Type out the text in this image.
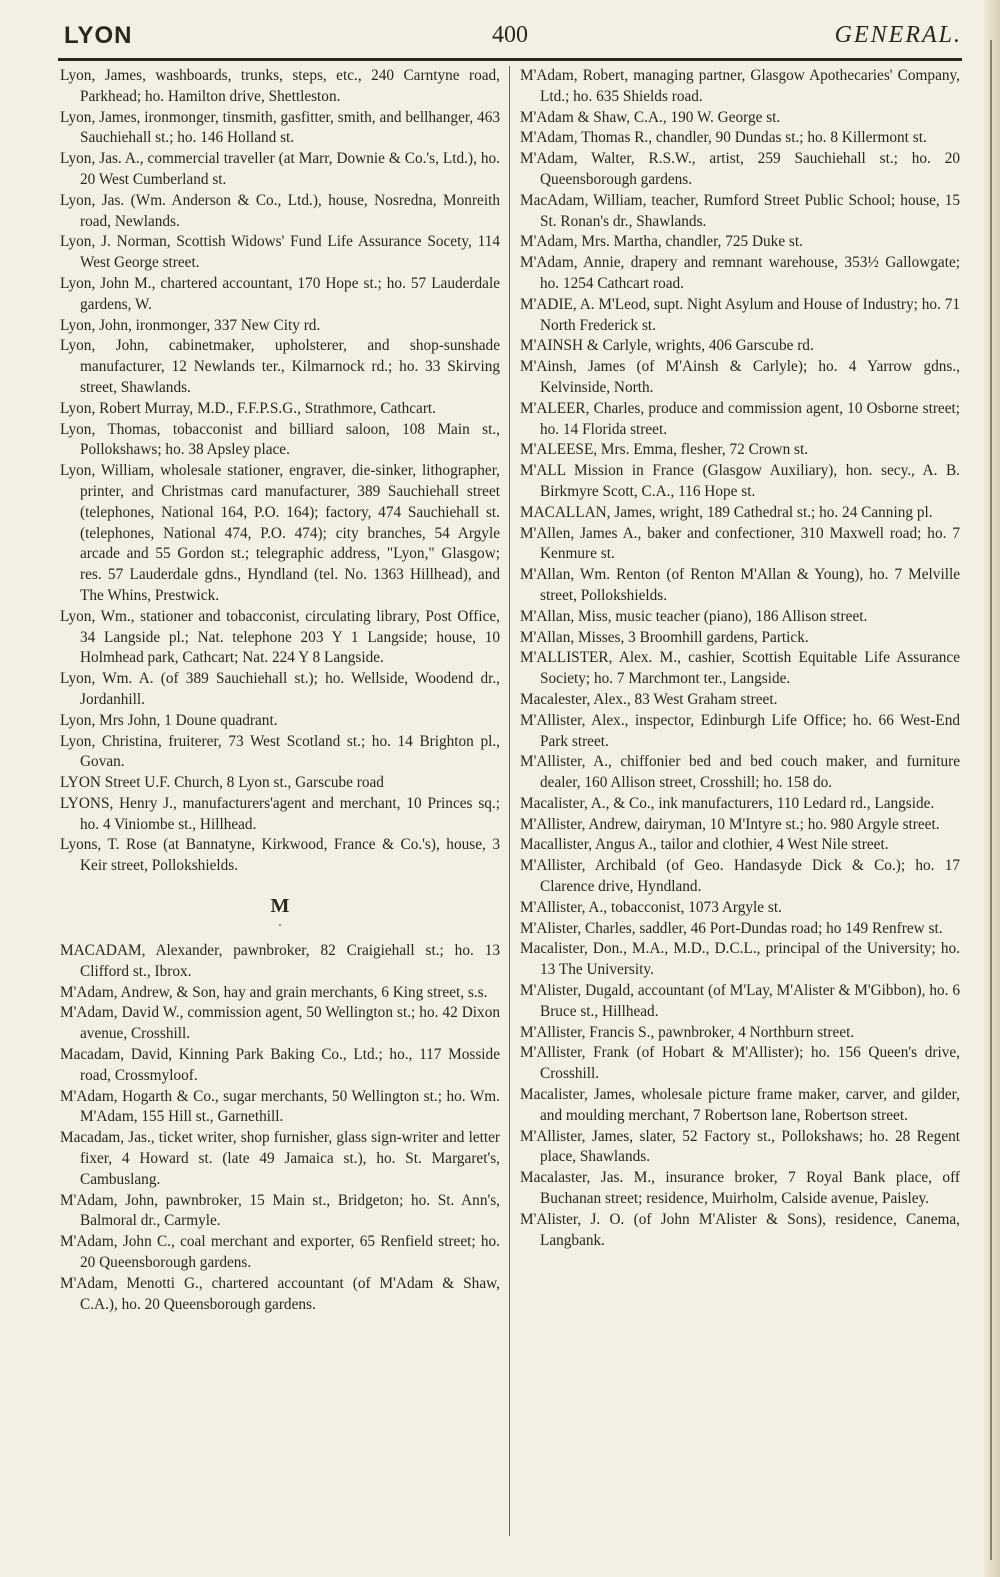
LYON	400	GENERAL.

Lyon, James, washboards, trunks, steps, etc., 240 Carntyne road, Parkhead; ho. Hamilton drive, Shettleston.

Lyon, James, ironmonger, tinsmith, gasfitter, smith, and bellhanger, 463 Sauchiehall st.; ho. 146 Holland st.

Lyon, Jas. A., commercial traveller (at Marr, Downie & Co.'s, Ltd.), ho. 20 West Cumberland st.

Lyon, Jas. (Wm. Anderson & Co., Ltd.), house, Nosredna, Monreith road, Newlands.

Lyon, J. Norman, Scottish Widows' Fund Life Assurance Socety, 114 West George street.

Lyon, John M., chartered accountant, 170 Hope st.; ho. 57 Lauderdale gardens, W.

Lyon, John, ironmonger, 337 New City rd.

Lyon, John, cabinetmaker, upholsterer, and shop-sunshade manufacturer, 12 Newlands ter., Kilmarnock rd.; ho. 33 Skirving street, Shawlands.

Lyon, Robert Murray, M.D., F.F.P.S.G., Strathmore, Cathcart.

Lyon, Thomas, tobacconist and billiard saloon, 108 Main st., Pollokshaws; ho. 38 Apsley place.

Lyon, William, wholesale stationer, engraver, die-sinker, lithographer, printer, and Christmas card manufacturer, 389 Sauchiehall street (telephones, National 164, P.O. 164); factory, 474 Sauchiehall st. (telephones, National 474, P.O. 474); city branches, 54 Argyle arcade and 55 Gordon st.; telegraphic address, "Lyon," Glasgow; res. 57 Lauderdale gdns., Hyndland (tel. No. 1363 Hillhead), and The Whins, Prestwick.

Lyon, Wm., stationer and tobacconist, circulating library, Post Office, 34 Langside pl.; Nat. telephone 203 Y 1 Langside; house, 10 Holmhead park, Cathcart; Nat. 224 Y 8 Langside.

Lyon, Wm. A. (of 389 Sauchiehall st.); ho. Wellside, Woodend dr., Jordanhill.

Lyon, Mrs John, 1 Doune quadrant.

Lyon, Christina, fruiterer, 73 West Scotland st.; ho. 14 Brighton pl., Govan.

LYON Street U.F. Church, 8 Lyon st., Garscube road

LYONS, Henry J., manufacturers'agent and merchant, 10 Princes sq.; ho. 4 Viniombe st., Hillhead.

Lyons, T. Rose (at Bannatyne, Kirkwood, France & Co.'s), house, 3 Keir street, Pollokshields.

M
·

MACADAM, Alexander, pawnbroker, 82 Craigiehall st.; ho. 13 Clifford st., Ibrox.

M'Adam, Andrew, & Son, hay and grain merchants, 6 King street, s.s.

M'Adam, David W., commission agent, 50 Wellington st.; ho. 42 Dixon avenue, Crosshill.

Macadam, David, Kinning Park Baking Co., Ltd.; ho., 117 Mosside road, Crossmyloof.

M'Adam, Hogarth & Co., sugar merchants, 50 Wellington st.; ho. Wm. M'Adam, 155 Hill st., Garnethill.

Macadam, Jas., ticket writer, shop furnisher, glass sign-writer and letter fixer, 4 Howard st. (late 49 Jamaica st.), ho. St. Margaret's, Cambuslang.

M'Adam, John, pawnbroker, 15 Main st., Bridgeton; ho. St. Ann's, Balmoral dr., Carmyle.

M'Adam, John C., coal merchant and exporter, 65 Renfield street; ho. 20 Queensborough gardens.

M'Adam, Menotti G., chartered accountant (of M'Adam & Shaw, C.A.), ho. 20 Queensborough gardens.

M'Adam, Robert, managing partner, Glasgow Apothecaries' Company, Ltd.; ho. 635 Shields road.

M'Adam & Shaw, C.A., 190 W. George st.

M'Adam, Thomas R., chandler, 90 Dundas st.; ho. 8 Killermont st.

M'Adam, Walter, R.S.W., artist, 259 Sauchiehall st.; ho. 20 Queensborough gardens.

MacAdam, William, teacher, Rumford Street Public School; house, 15 St. Ronan's dr., Shawlands.

M'Adam, Mrs. Martha, chandler, 725 Duke st.

M'Adam, Annie, drapery and remnant warehouse, 353½ Gallowgate; ho. 1254 Cathcart road.

M'ADIE, A. M'Leod, supt. Night Asylum and House of Industry; ho. 71 North Frederick st.

M'AINSH & Carlyle, wrights, 406 Garscube rd.

M'Ainsh, James (of M'Ainsh & Carlyle); ho. 4 Yarrow gdns., Kelvinside, North.

M'ALEER, Charles, produce and commission agent, 10 Osborne street; ho. 14 Florida street.

M'ALEESE, Mrs. Emma, flesher, 72 Crown st.

M'ALL Mission in France (Glasgow Auxiliary), hon. secy., A. B. Birkmyre Scott, C.A., 116 Hope st.

MACALLAN, James, wright, 189 Cathedral st.; ho. 24 Canning pl.

M'Allen, James A., baker and confectioner, 310 Maxwell road; ho. 7 Kenmure st.

M'Allan, Wm. Renton (of Renton M'Allan & Young), ho. 7 Melville street, Pollokshields.

M'Allan, Miss, music teacher (piano), 186 Allison street.

M'Allan, Misses, 3 Broomhill gardens, Partick.

M'ALLISTER, Alex. M., cashier, Scottish Equitable Life Assurance Society; ho. 7 Marchmont ter., Langside.

Macalester, Alex., 83 West Graham street.

M'Allister, Alex., inspector, Edinburgh Life Office; ho. 66 West-End Park street.

M'Allister, A., chiffonier bed and bed couch maker, and furniture dealer, 160 Allison street, Crosshill; ho. 158 do.

Macalister, A., & Co., ink manufacturers, 110 Ledard rd., Langside.

M'Allister, Andrew, dairyman, 10 M'Intyre st.; ho. 980 Argyle street.

Macallister, Angus A., tailor and clothier, 4 West Nile street.

M'Allister, Archibald (of Geo. Handasyde Dick & Co.); ho. 17 Clarence drive, Hyndland.

M'Allister, A., tobacconist, 1073 Argyle st.

M'Alister, Charles, saddler, 46 Port-Dundas road; ho 149 Renfrew st.

Macalister, Don., M.A., M.D., D.C.L., principal of the University; ho. 13 The University.

M'Alister, Dugald, accountant (of M'Lay, M'Alister & M'Gibbon), ho. 6 Bruce st., Hillhead.

M'Allister, Francis S., pawnbroker, 4 Northburn street.

M'Allister, Frank (of Hobart & M'Allister); ho. 156 Queen's drive, Crosshill.

Macalister, James, wholesale picture frame maker, carver, and gilder, and moulding merchant, 7 Robertson lane, Robertson street.

M'Allister, James, slater, 52 Factory st., Pollokshaws; ho. 28 Regent place, Shawlands.

Macalaster, Jas. M., insurance broker, 7 Royal Bank place, off Buchanan street; residence, Muirholm, Calside avenue, Paisley.

M'Alister, J. O. (of John M'Alister & Sons), residence, Canema, Langbank.
